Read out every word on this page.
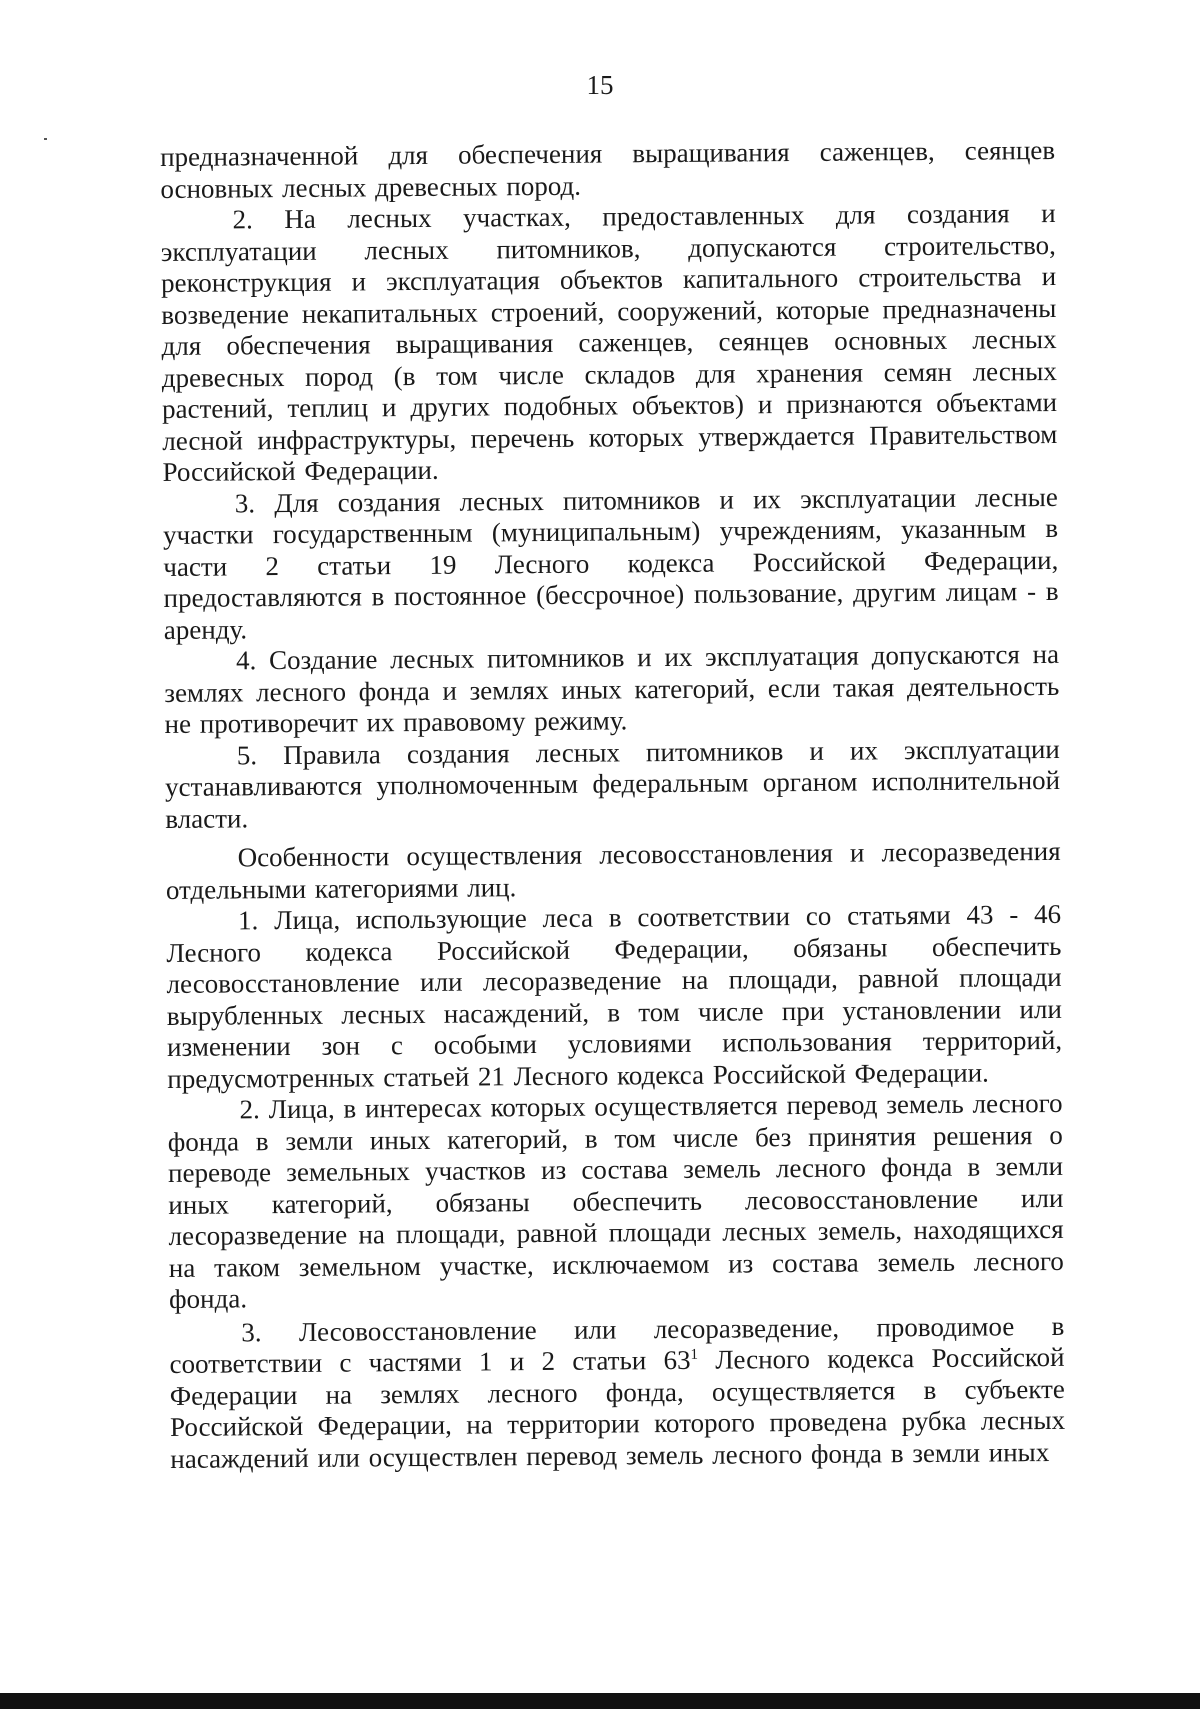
15

предназначенной для обеспечения выращивания саженцев, сеянцев основных лесных древесных пород.

2. На лесных участках, предоставленных для создания и эксплуатации лесных питомников, допускаются строительство, реконструкция и эксплуатация объектов капитального строительства и возведение некапитальных строений, сооружений, которые предназначены для обеспечения выращивания саженцев, сеянцев основных лесных древесных пород (в том числе складов для хранения семян лесных растений, теплиц и других подобных объектов) и признаются объектами лесной инфраструктуры, перечень которых утверждается Правительством Российской Федерации.

3. Для создания лесных питомников и их эксплуатации лесные участки государственным (муниципальным) учреждениям, указанным в части 2 статьи 19 Лесного кодекса Российской Федерации, предоставляются в постоянное (бессрочное) пользование, другим лицам - в аренду.

4. Создание лесных питомников и их эксплуатация допускаются на землях лесного фонда и землях иных категорий, если такая деятельность не противоречит их правовому режиму.

5. Правила создания лесных питомников и их эксплуатации устанавливаются уполномоченным федеральным органом исполнительной власти.

Особенности осуществления лесовосстановления и лесоразведения отдельными категориями лиц.

1. Лица, использующие леса в соответствии со статьями 43 - 46 Лесного кодекса Российской Федерации, обязаны обеспечить лесовосстановление или лесоразведение на площади, равной площади вырубленных лесных насаждений, в том числе при установлении или изменении зон с особыми условиями использования территорий, предусмотренных статьей 21 Лесного кодекса Российской Федерации.

2. Лица, в интересах которых осуществляется перевод земель лесного фонда в земли иных категорий, в том числе без принятия решения о переводе земельных участков из состава земель лесного фонда в земли иных категорий, обязаны обеспечить лесовосстановление или лесоразведение на площади, равной площади лесных земель, находящихся на таком земельном участке, исключаемом из состава земель лесного фонда.

3. Лесовосстановление или лесоразведение, проводимое в соответствии с частями 1 и 2 статьи $63^1$ Лесного кодекса Российской Федерации на землях лесного фонда, осуществляется в субъекте Российской Федерации, на территории которого проведена рубка лесных насаждений или осуществлен перевод земель лесного фонда в земли иных
